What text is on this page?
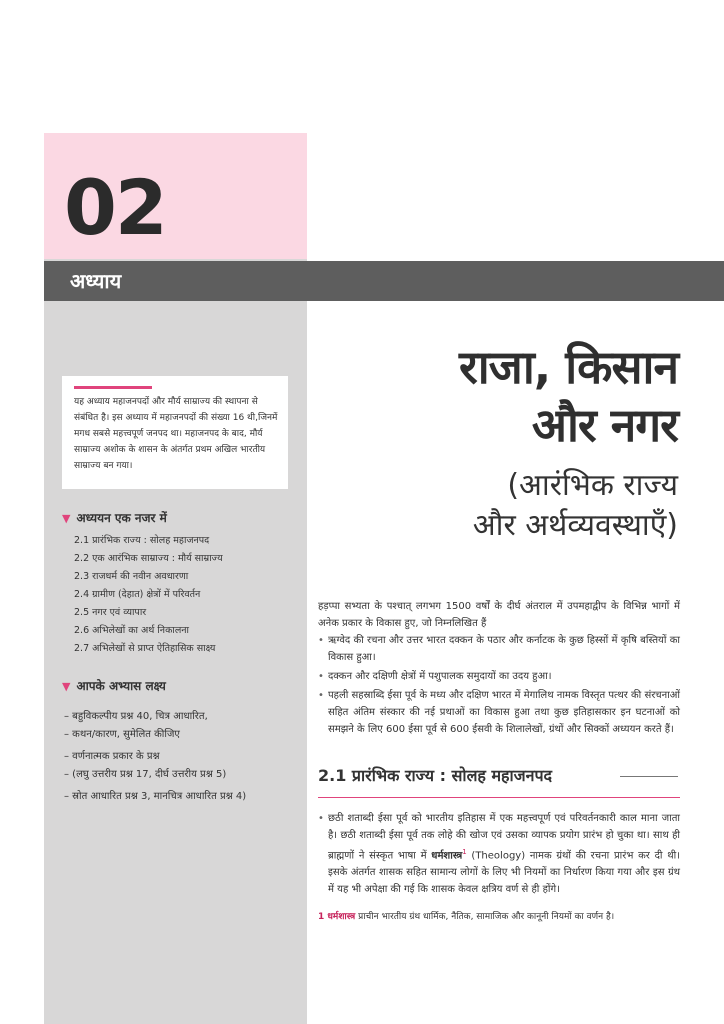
02
अध्याय

यह अध्याय महाजनपदों और मौर्य साम्राज्य की स्थापना से संबंधित है। इस अध्याय में महाजनपदों की संख्या 16 थी,जिनमें मगध सबसे महत्त्वपूर्ण जनपद था। महाजनपद के बाद, मौर्य साम्राज्य अशोक के शासन के अंतर्गत प्रथम अखिल भारतीय साम्राज्य बन गया।

▼ अध्ययन एक नजर में
2.1 प्रारंभिक राज्य : सोलह महाजनपद
2.2 एक आरंभिक साम्राज्य : मौर्य साम्राज्य
2.3 राजधर्म की नवीन अवधारणा
2.4 ग्रामीण (देहात) क्षेत्रों में परिवर्तन
2.5 नगर एवं व्यापार
2.6 अभिलेखों का अर्थ निकालना
2.7 अभिलेखों से प्राप्त ऐतिहासिक साक्ष्य
▼ आपके अभ्यास लक्ष्य
– बहुविकल्पीय प्रश्न 40, चित्र आधारित,
– कथन/कारण, सुमेलित कीजिए
– वर्णनात्मक प्रकार के प्रश्न
– (लघु उत्तरीय प्रश्न 17, दीर्घ उत्तरीय प्रश्न 5)
– स्रोत आधारित प्रश्न 3, मानचित्र आधारित प्रश्न 4)
राजा, किसान
और नगर
(आरंभिक राज्य
और अर्थव्यवस्थाएँ)
हड़प्पा सभ्यता के पश्चात् लगभग 1500 वर्षों के दीर्घ अंतराल में उपमहाद्वीप के विभिन्न भागों में अनेक प्रकार के विकास हुए, जो निम्नलिखित हैं
• ऋग्वेद की रचना और उत्तर भारत दक्कन के पठार और कर्नाटक के कुछ हिस्सों में कृषि बस्तियों का विकास हुआ।
• दक्कन और दक्षिणी क्षेत्रों में पशुपालक समुदायों का उदय हुआ।
• पहली सहस्राब्दि ईसा पूर्व के मध्य और दक्षिण भारत में मेगालिथ नामक विस्तृत पत्थर की संरचनाओं सहित अंतिम संस्कार की नई प्रथाओं का विकास हुआ तथा कुछ इतिहासकार इन घटनाओं को समझने के लिए 600 ईसा पूर्व से 600 ईसवी के शिलालेखों, ग्रंथों और सिक्कों अध्ययन करते हैं।
2.1 प्रारंभिक राज्य : सोलह महाजनपद
• छठी शताब्दी ईसा पूर्व को भारतीय इतिहास में एक महत्त्वपूर्ण एवं परिवर्तनकारी काल माना जाता है। छठी शताब्दी ईसा पूर्व तक लोहे की खोज एवं उसका व्यापक प्रयोग प्रारंभ हो चुका था। साथ ही ब्राह्मणों ने संस्कृत भाषा में धर्मशास्त्र$^1$ (Theology) नामक ग्रंथों की रचना प्रारंभ कर दी थी। इसके अंतर्गत शासक सहित सामान्य लोगों के लिए भी नियमों का निर्धारण किया गया और इस ग्रंथ में यह भी अपेक्षा की गई कि शासक केवल क्षत्रिय वर्ण से ही होंगे।
1 धर्मशास्त्र प्राचीन भारतीय ग्रंथ धार्मिक, नैतिक, सामाजिक और कानूनी नियमों का वर्णन है।
